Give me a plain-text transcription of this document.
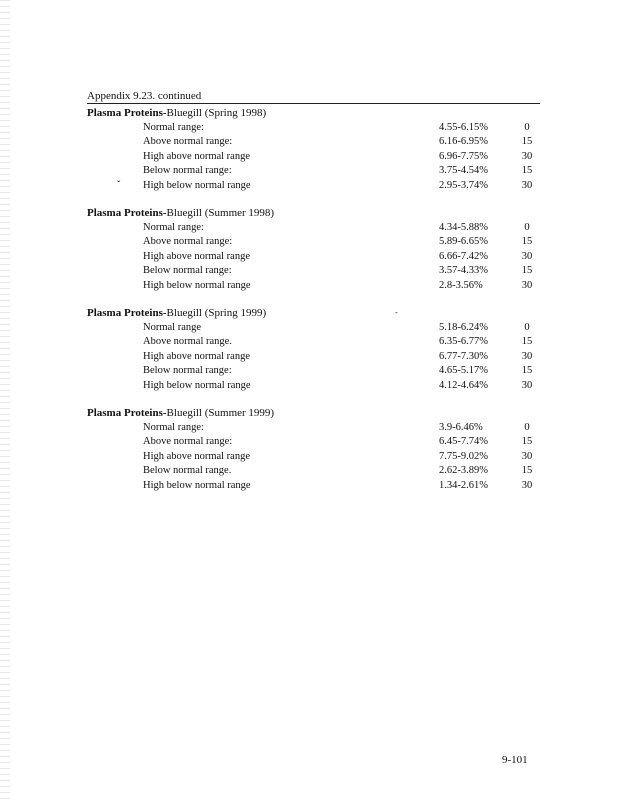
Appendix 9.23. continued
Plasma Proteins-Bluegill (Spring 1998)
Normal range:	4.55-6.15%	0
Above normal range:	6.16-6.95%	15
High above normal range	6.96-7.75%	30
Below normal range:	3.75-4.54%	15
ˇ High below normal range	2.95-3.74%	30
Plasma Proteins-Bluegill (Summer 1998)
Normal range:	4.34-5.88%	0
Above normal range:	5.89-6.65%	15
High above normal range	6.66-7.42%	30
Below normal range:	3.57-4.33%	15
High below normal range	2.8-3.56%	30
-
Plasma Proteins-Bluegill (Spring 1999)
Normal range	5.18-6.24%	0
Above normal range.	6.35-6.77%	15
High above normal range	6.77-7.30%	30
Below normal range:	4.65-5.17%	15
High below normal range	4.12-4.64%	30
Plasma Proteins-Bluegill (Summer 1999)
Normal range:	3.9-6.46%	0
Above normal range:	6.45-7.74%	15
High above normal range	7.75-9.02%	30
Below normal range.	2.62-3.89%	15
High below normal range	1.34-2.61%	30
9-101
